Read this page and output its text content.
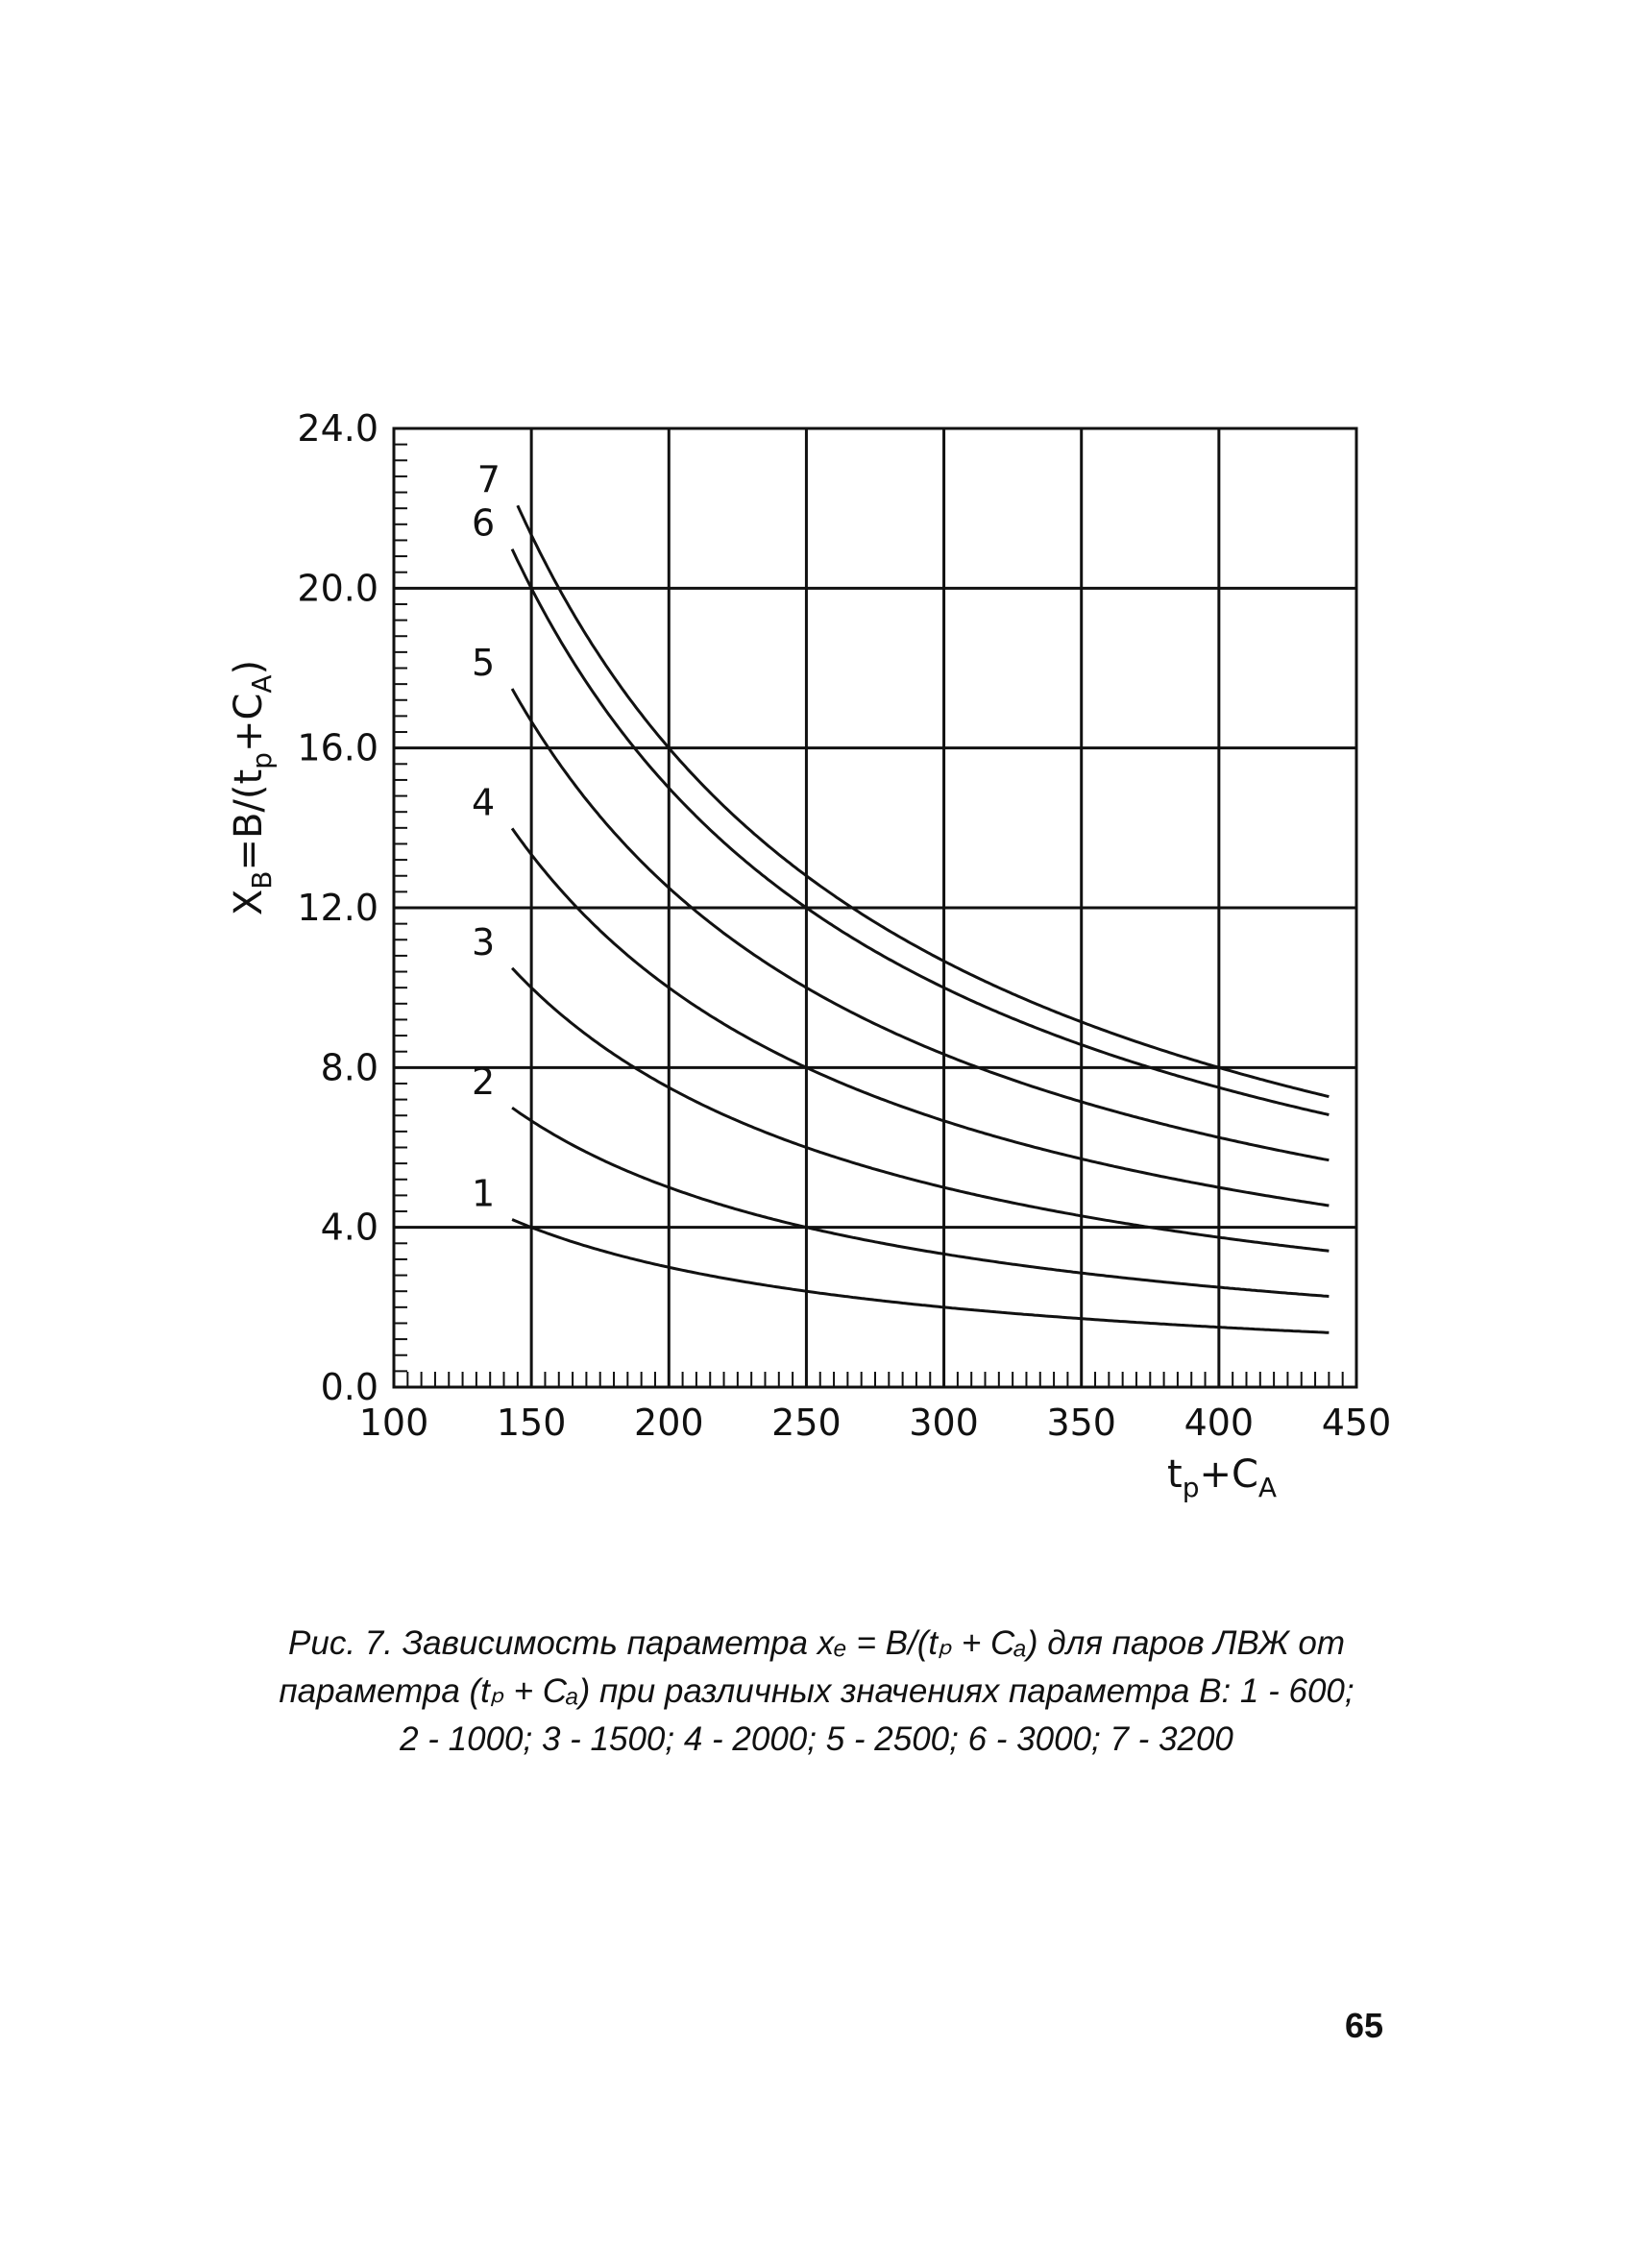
100 150 200 250 300 350 400 450
0.0
4.0
8.0
12.0
16.0
20.0
24.0
1
2
3
4
5
6
7
$t_p+C_A$
$X_B=B/(t_p+C_A)$
Рис. 7. Зависимость параметра xₑ = B/(tₚ + Cₐ) для паров ЛВЖ от
параметра (tₚ + Cₐ) при различных значениях параметра В: 1 - 600;
2 - 1000; 3 - 1500; 4 - 2000; 5 - 2500; 6 - 3000; 7 - 3200
65
